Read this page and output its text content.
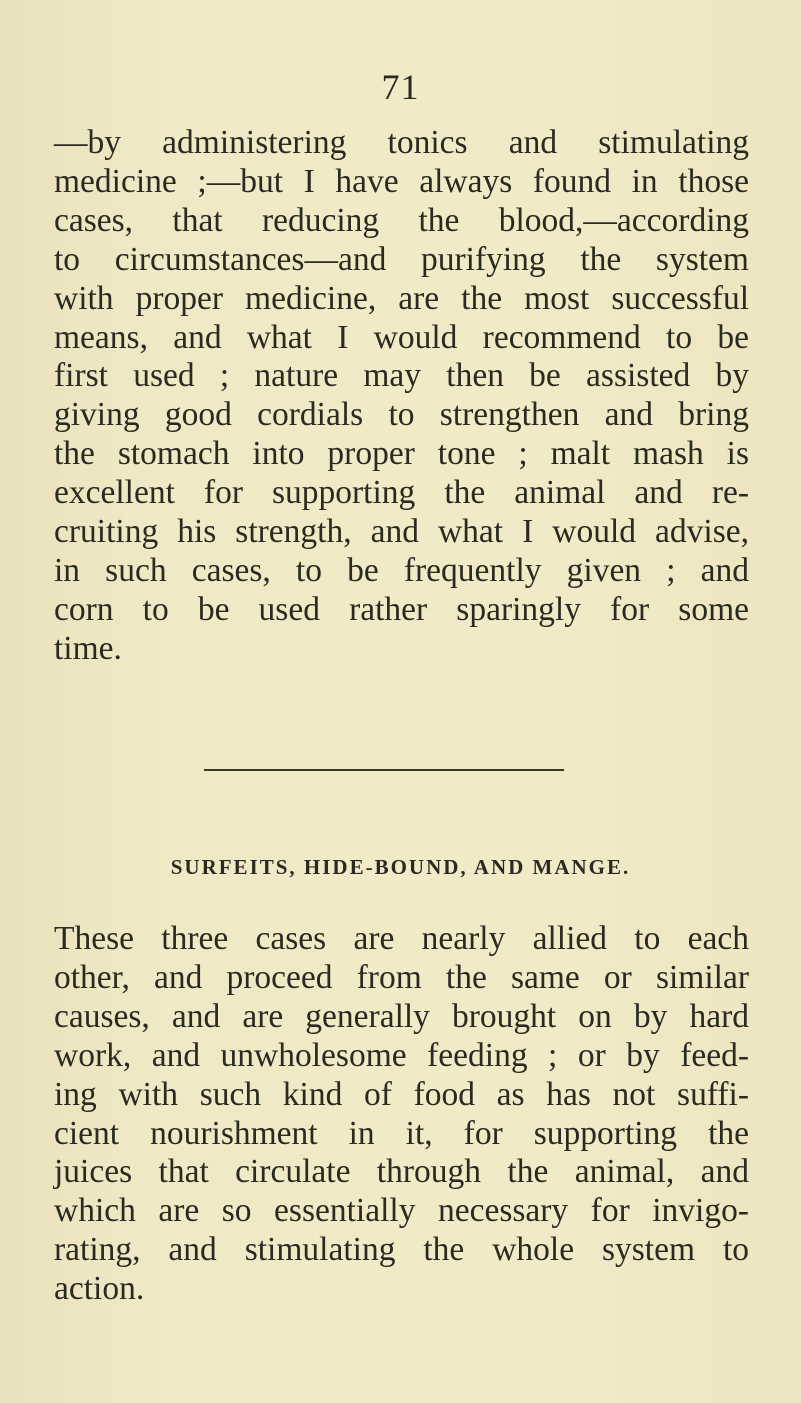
71

—by administering tonics and stimulating
medicine ;—but I have always found in those
cases, that reducing the blood,—according
to circumstances—and purifying the system
with proper medicine, are the most successful
means, and what I would recommend to be
first used ; nature may then be assisted by
giving good cordials to strengthen and bring
the stomach into proper tone ; malt mash is
excellent for supporting the animal and re-
cruiting his strength, and what I would advise,
in such cases, to be frequently given ; and
corn to be used rather sparingly for some
time.

SURFEITS, HIDE-BOUND, AND MANGE.

These three cases are nearly allied to each
other, and proceed from the same or similar
causes, and are generally brought on by hard
work, and unwholesome feeding ; or by feed-
ing with such kind of food as has not suffi-
cient nourishment in it, for supporting the
juices that circulate through the animal, and
which are so essentially necessary for invigo-
rating, and stimulating the whole system to
action.
